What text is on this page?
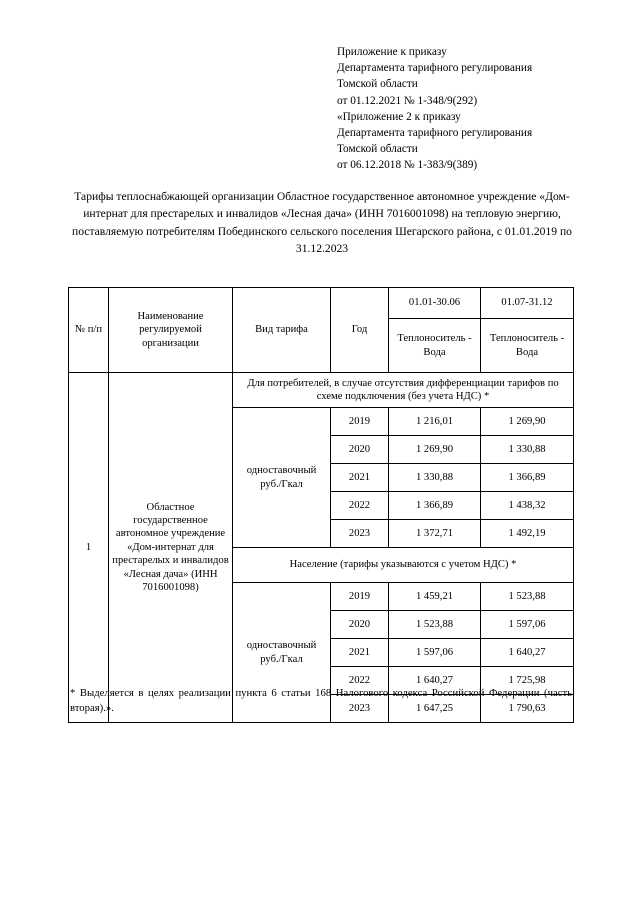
Приложение к приказу
Департамента тарифного регулирования
Томской области
от 01.12.2021 № 1-348/9(292)
«Приложение 2 к приказу
Департамента тарифного регулирования
Томской области
от 06.12.2018 № 1-383/9(389)

Тарифы теплоснабжающей организации Областное государственное автономное учреждение «Дом-интернат для престарелых и инвалидов «Лесная дача» (ИНН 7016001098) на тепловую энергию, поставляемую потребителям Побединского сельского поселения Шегарского района, с 01.01.2019 по 31.12.2023

№ п/п	Наименование регулируемой организации	Вид тарифа	Год	01.01-30.06	01.07-31.12
				Теплоноситель - Вода	Теплоноситель - Вода
1	Областное государственное автономное учреждение «Дом-интернат для престарелых и инвалидов «Лесная дача» (ИНН 7016001098)	Для потребителей, в случае отсутствия дифференциации тарифов по схеме подключения (без учета НДС) *			
		одноставочный руб./Гкал	2019	1 216,01	1 269,90
			2020	1 269,90	1 330,88
			2021	1 330,88	1 366,89
			2022	1 366,89	1 438,32
			2023	1 372,71	1 492,19
		Население (тарифы указываются с учетом НДС) *			
		одноставочный руб./Гкал	2019	1 459,21	1 523,88
			2020	1 523,88	1 597,06
			2021	1 597,06	1 640,27
			2022	1 640,27	1 725,98
			2023	1 647,25	1 790,63

* Выделяется в целях реализации пункта 6 статьи 168 Налогового кодекса Российской Федерации (часть вторая).».
